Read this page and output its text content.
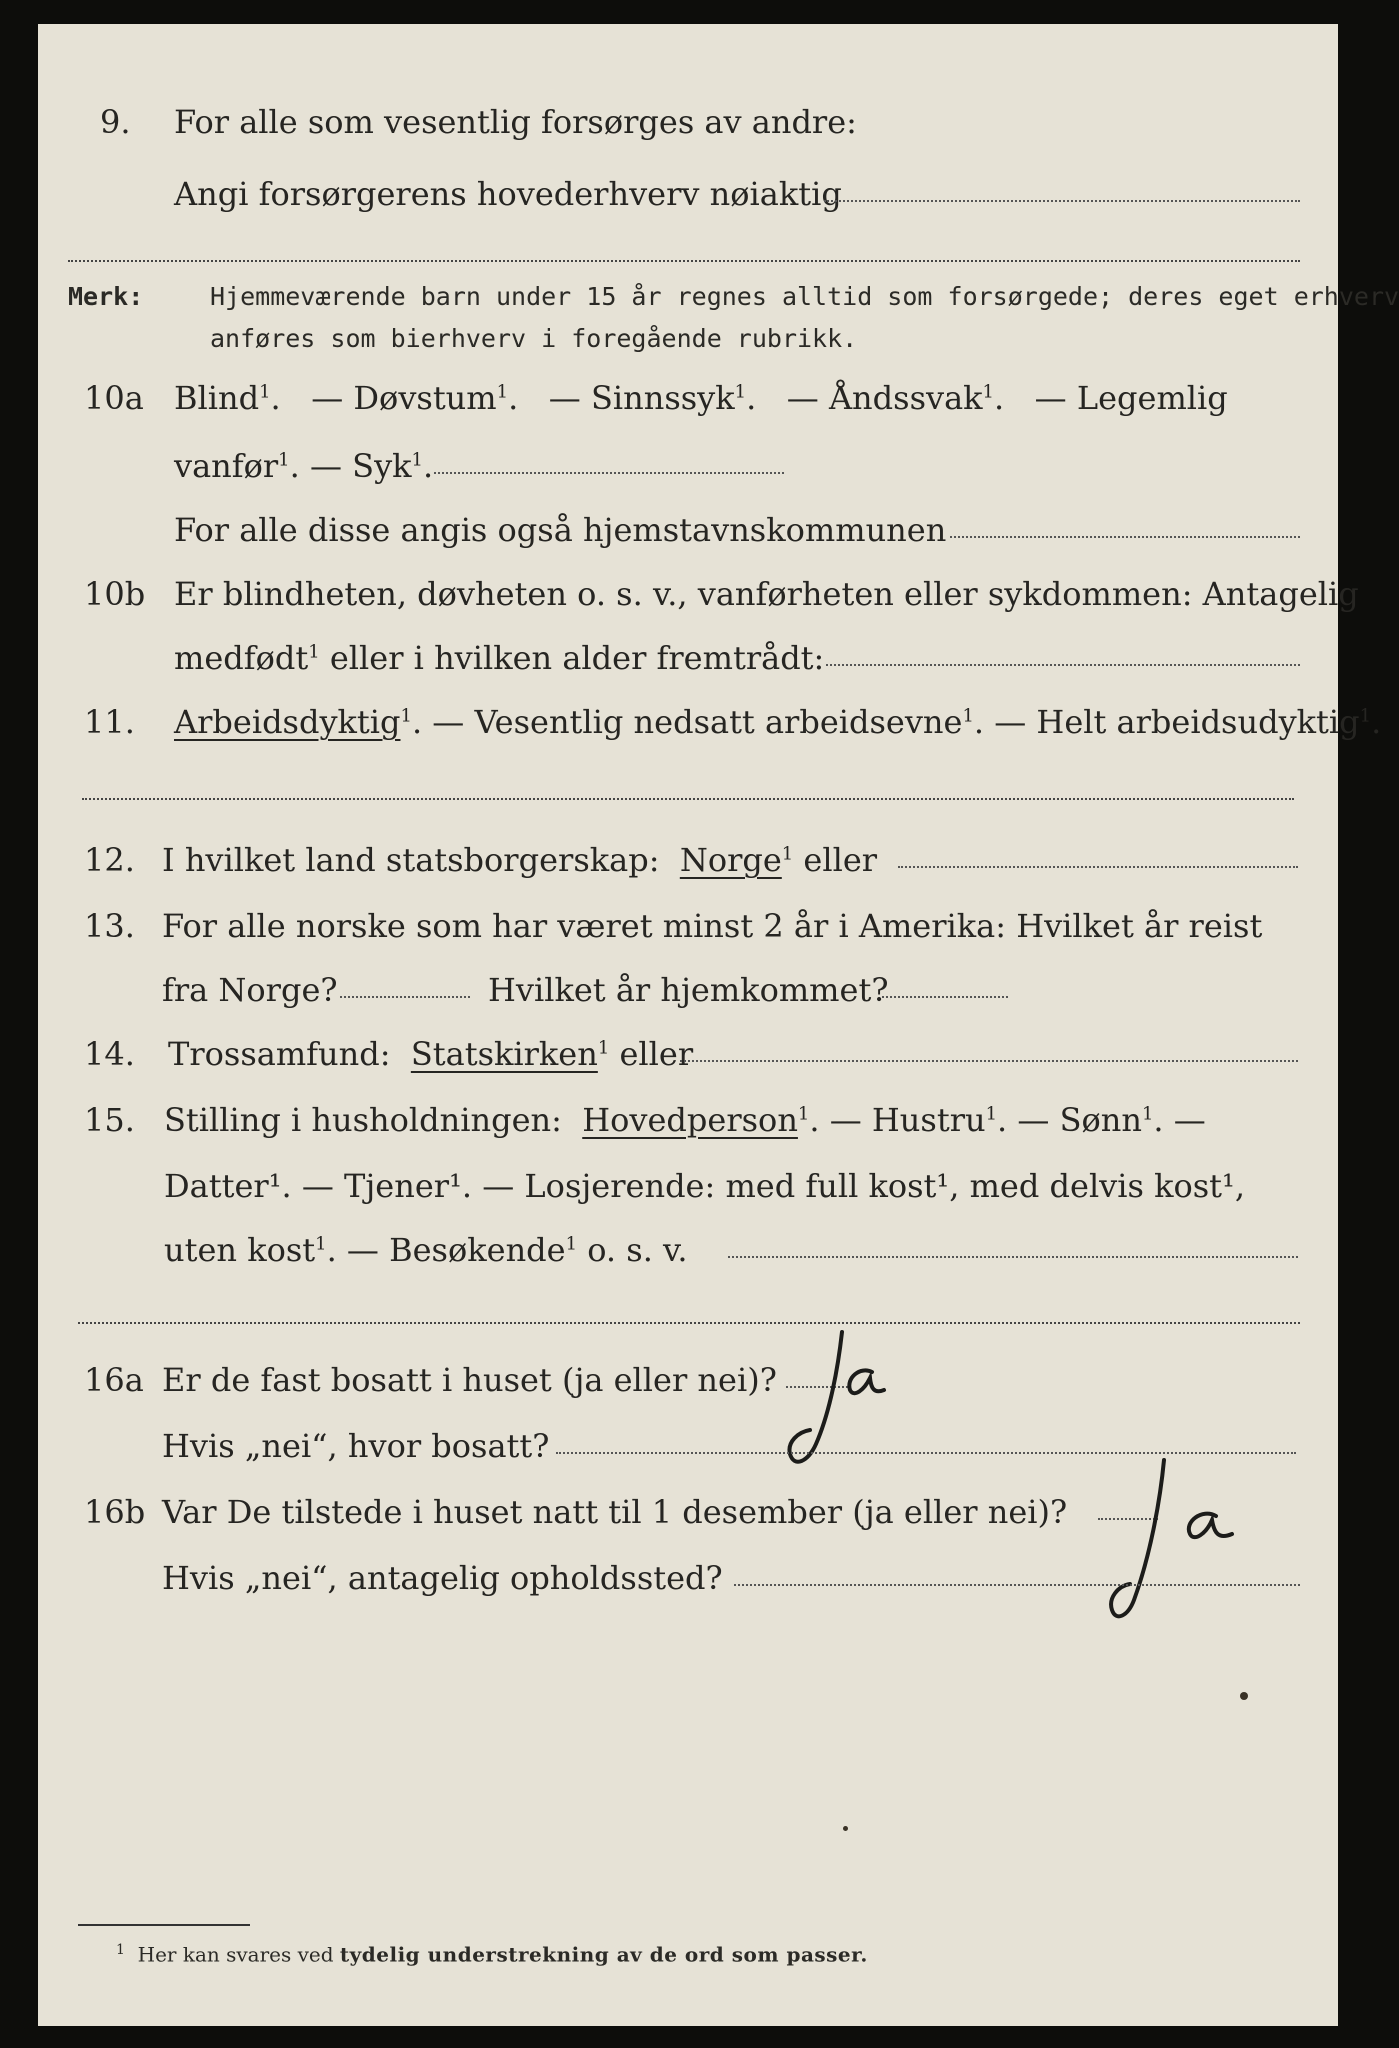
9. For alle som vesentlig forsørges av andre:
Angi forsørgerens hovederhverv nøiaktig
Merk:	Hjemmeværende barn under 15 år regnes alltid som forsørgede; deres eget erhverv
anføres som bierhverv i foregående rubrikk.
10a Blind$^1$.   — Døvstum$^1$.   — Sinnssyk$^1$.   — Åndssvak$^1$.   — Legemlig
vanfør$^1$. — Syk$^1$.
For alle disse angis også hjemstavnskommunen
10b Er blindheten, døvheten o. s. v., vanførheten eller sykdommen: Antagelig
medfødt$^1$ eller i hvilken alder fremtrådt:
11. Arbeidsdyktig$^1$. — Vesentlig nedsatt arbeidsevne$^1$. — Helt arbeidsudyktig$^1$.
12. I hvilket land statsborgerskap: Norge$^1$ eller
13. For alle norske som har været minst 2 år i Amerika: Hvilket år reist
fra Norge?	Hvilket år hjemkommet?
14. Trossamfund: Statskirken$^1$ eller
15. Stilling i husholdningen: Hovedperson$^1$. — Hustru$^1$. — Sønn$^1$. —
Datter¹. — Tjener¹. — Losjerende: med full kost¹, med delvis kost¹,
uten kost$^1$. — Besøkende$^1$ o. s. v.
16a Er de fast bosatt i huset (ja eller nei)?
Hvis „nei“, hvor bosatt?
16b Var De tilstede i huset natt til 1 desember (ja eller nei)?
Hvis „nei“, antagelig opholdssted?
$^1$ Her kan svares ved tydelig understrekning av de ord som passer.
